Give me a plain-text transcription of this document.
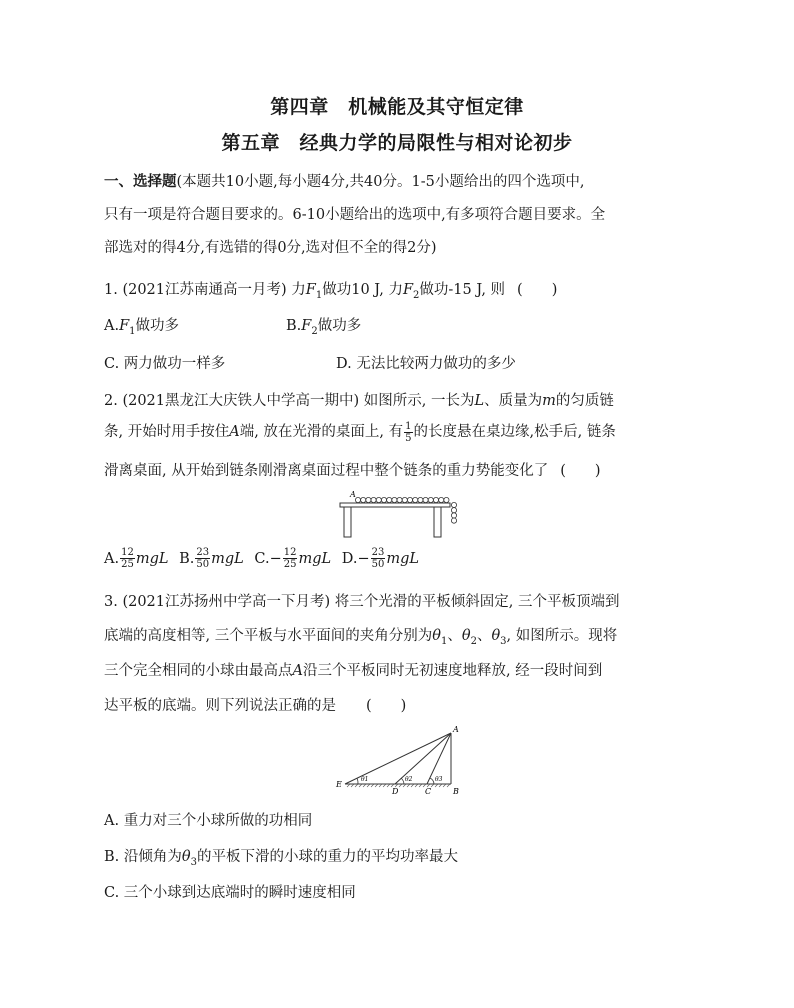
第四章　机械能及其守恒定律
第五章　经典力学的局限性与相对论初步
一、选择题(本题共10小题,每小题4分,共40分。1-5小题给出的四个选项中,
只有一项是符合题目要求的。6-10小题给出的选项中,有多项符合题目要求。全
部选对的得4分,有选错的得0分,选对但不全的得2分)
1. (2021江苏南通高一月考) 力$F_1$做功10 J, 力$F_2$做功-15 J, 则 (　　)
$A.F_1$做功多	$B.F_2$做功多
C. 两力做功一样多	D. 无法比较两力做功的多少
2. (2021黑龙江大庆铁人中学高一期中) 如图所示, 一长为L、质量为m的匀质链
条, 开始时用手按住A端, 放在光滑的桌面上, 有 $\frac{1}{5}$ 的长度悬在桌边缘,松手后, 链条
滑离桌面, 从开始到链条刚滑离桌面过程中整个链条的重力势能变化了 (　　)
A
A. $\frac{12}{25}$ mgL B. $\frac{23}{50}$ mgL $C.- \frac{12}{25}$ mgL $D.- \frac{23}{50}$ mgL
3. (2021江苏扬州中学高一下月考) 将三个光滑的平板倾斜固定, 三个平板顶端到
底端的高度相等, 三个平板与水平面间的夹角分别为$\theta_1$、$\theta_2$、$\theta_3$, 如图所示。现将
三个完全相同的小球由最高点A沿三个平板同时无初速度地释放, 经一段时间到
达平板的底端。则下列说法正确的是 (　　)
A
B
C
D
E
θ1	θ2	θ3
A. 重力对三个小球所做的功相同
B. 沿倾角为$\theta_3$的平板下滑的小球的重力的平均功率最大
C. 三个小球到达底端时的瞬时速度相同
